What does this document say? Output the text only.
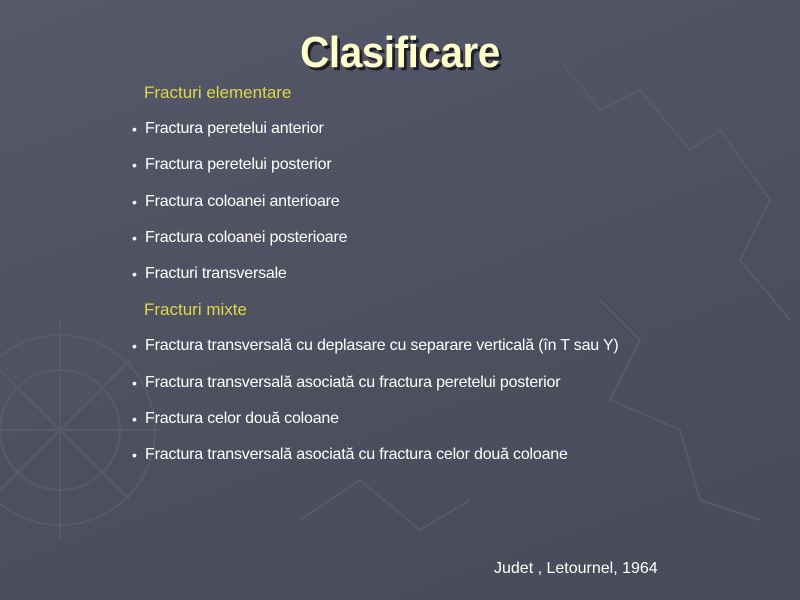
Clasificare
Fracturi elementare
• Fractura peretelui anterior
• Fractura peretelui posterior
• Fractura coloanei anterioare
• Fractura coloanei posterioare
• Fracturi transversale
Fracturi mixte
• Fractura transversală cu deplasare cu separare verticală (în T sau Y)
• Fractura transversală asociată cu fractura peretelui posterior
• Fractura celor două coloane
• Fractura transversală asociată cu fractura celor două coloane
Judet , Letournel, 1964
